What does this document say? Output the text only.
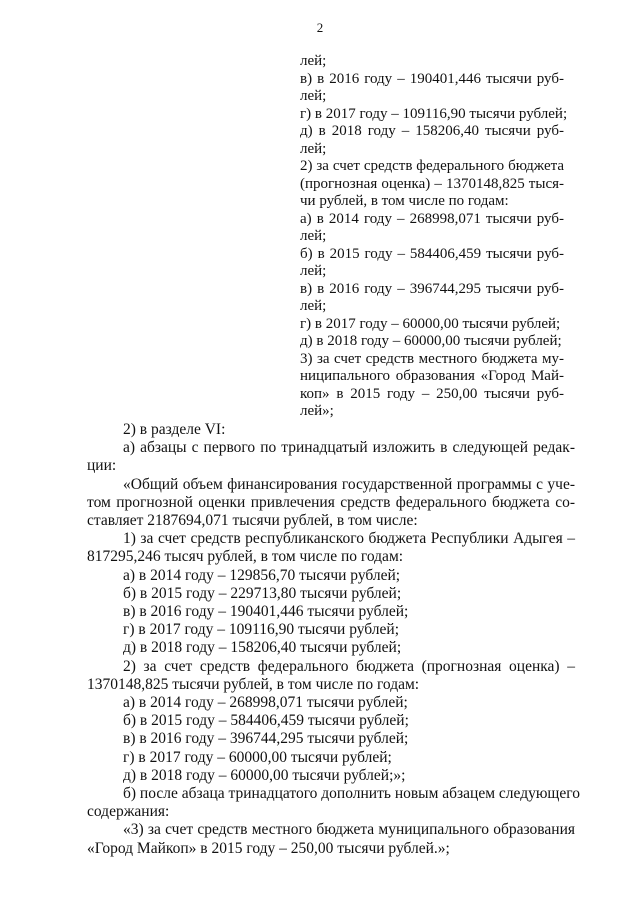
2
лей;
в) в 2016 году – 190401,446 тысячи руб-
лей;
г) в 2017 году – 109116,90 тысячи рублей;
д) в 2018 году – 158206,40 тысячи руб-
лей;
2) за счет средств федерального бюджета
(прогнозная оценка) – 1370148,825 тыся-
чи рублей, в том числе по годам:
а) в 2014 году – 268998,071 тысячи руб-
лей;
б) в 2015 году – 584406,459 тысячи руб-
лей;
в) в 2016 году – 396744,295 тысячи руб-
лей;
г) в 2017 году – 60000,00 тысячи рублей;
д) в 2018 году – 60000,00 тысячи рублей;
3) за счет средств местного бюджета му-
ниципального образования «Город Май-
коп» в 2015 году – 250,00 тысячи руб-
лей»;
2) в разделе VI:
а) абзацы с первого по тринадцатый изложить в следующей редак-
ции:
«Общий объем финансирования государственной программы с уче-
том прогнозной оценки привлечения средств федерального бюджета со-
ставляет 2187694,071 тысячи рублей, в том числе:
1) за счет средств республиканского бюджета Республики Адыгея –
817295,246 тысяч рублей, в том числе по годам:
а) в 2014 году – 129856,70 тысячи рублей;
б) в 2015 году – 229713,80 тысячи рублей;
в) в 2016 году – 190401,446 тысячи рублей;
г) в 2017 году – 109116,90 тысячи рублей;
д) в 2018 году – 158206,40 тысячи рублей;
2) за счет средств федерального бюджета (прогнозная оценка) –
1370148,825 тысячи рублей, в том числе по годам:
а) в 2014 году – 268998,071 тысячи рублей;
б) в 2015 году – 584406,459 тысячи рублей;
в) в 2016 году – 396744,295 тысячи рублей;
г) в 2017 году – 60000,00 тысячи рублей;
д) в 2018 году – 60000,00 тысячи рублей;»;
б) после абзаца тринадцатого дополнить новым абзацем следующего
содержания:
«3) за счет средств местного бюджета муниципального образования
«Город Майкоп» в 2015 году – 250,00 тысячи рублей.»;
